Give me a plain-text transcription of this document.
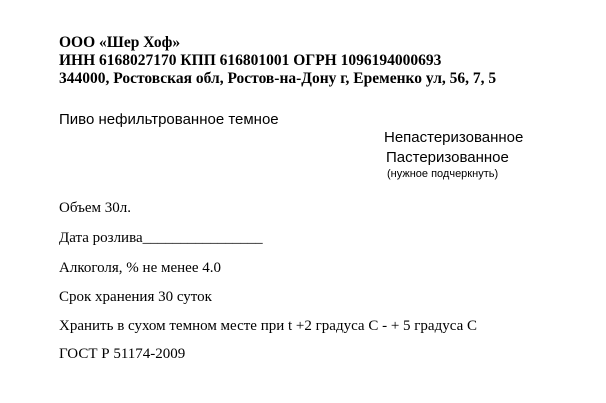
ООО «Шер Хоф»
ИНН 6168027170 КПП 616801001 ОГРН 1096194000693
344000, Ростовская обл, Ростов-на-Дону г, Еременко ул, 56, 7, 5
Пиво нефильтрованное темное
Непастеризованное
Пастеризованное
(нужное подчеркнуть)
Объем 30л.
Дата розлива________________
Алкоголя, % не менее 4.0
Срок хранения 30 суток
Хранить в сухом темном месте при t +2 градуса С - + 5 градуса С
ГОСТ Р 51174-2009
